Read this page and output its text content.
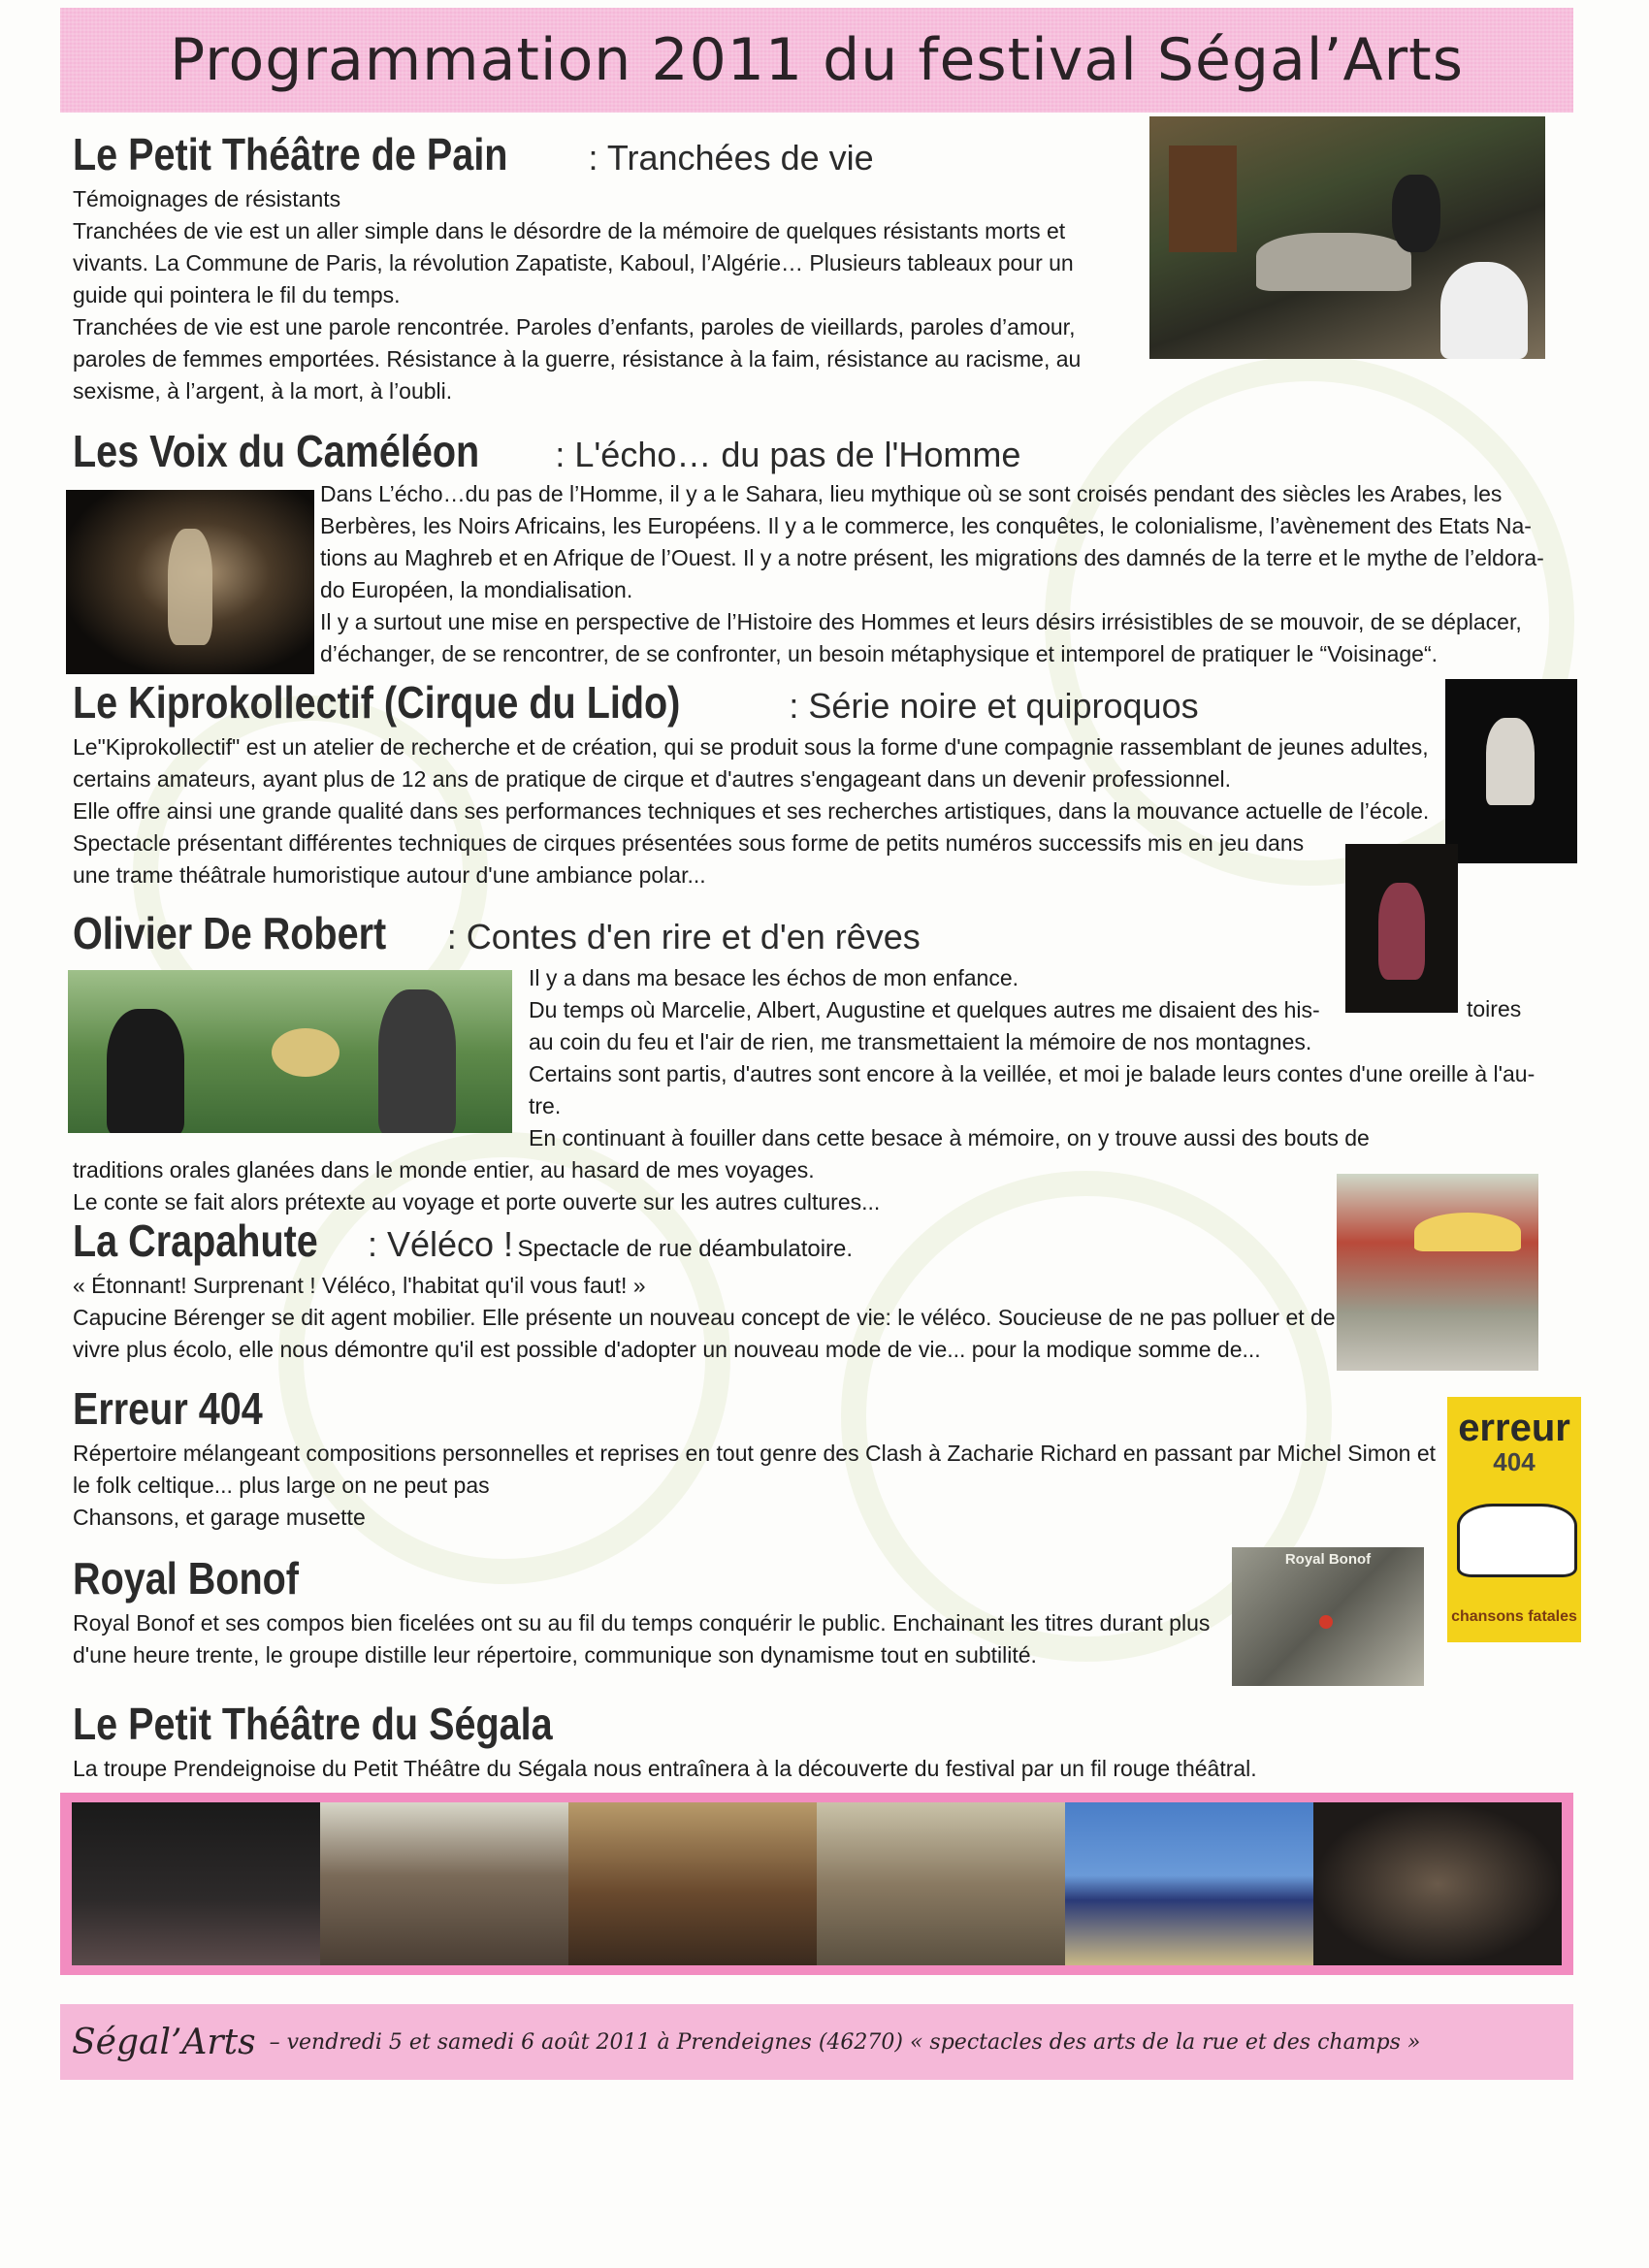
Programmation 2011 du festival Ségal’Arts
Le Petit Théâtre de Pain : Tranchées de vie

Témoignages de résistants

Tranchées de vie est un aller simple dans le désordre de la mémoire de quelques résistants morts et

vivants. La Commune de Paris, la révolution Zapatiste, Kaboul, l’Algérie… Plusieurs tableaux pour un

guide qui pointera le fil du temps.

Tranchées de vie est une parole rencontrée. Paroles d’enfants, paroles de vieillards, paroles d’amour,

paroles de femmes emportées. Résistance à la guerre, résistance à la faim, résistance au racisme, au

sexisme, à l’argent, à la mort, à l’oubli.

Les Voix du Caméléon : L'écho… du pas de l'Homme

Dans L’écho…du pas de l’Homme, il y a le Sahara, lieu mythique où se sont croisés pendant des siècles les Arabes, les

Berbères, les Noirs Africains, les Européens. Il y a le commerce, les conquêtes, le colonialisme, l’avènement des Etats Na-

tions au Maghreb et en Afrique de l’Ouest. Il y a notre présent, les migrations des damnés de la terre et le mythe de l’eldora-

do Européen, la mondialisation.

Il y a surtout une mise en perspective de l’Histoire des Hommes et leurs désirs irrésistibles de se mouvoir, de se déplacer,

d’échanger, de se rencontrer, de se confronter, un besoin métaphysique et intemporel de pratiquer le “Voisinage“.

Le Kiprokollectif (Cirque du Lido)	: Série noire et quiproquos

Le"Kiprokollectif" est un atelier de recherche et de création, qui se produit sous la forme d'une compagnie rassemblant de jeunes adultes,

certains amateurs, ayant plus de 12 ans de pratique de cirque et d'autres s'engageant dans un devenir professionnel.

Elle offre ainsi une grande qualité dans ses performances techniques et ses recherches artistiques, dans la mouvance actuelle de l’école.

Spectacle présentant différentes techniques de cirques présentées sous forme de petits numéros successifs mis en jeu dans

une trame théâtrale humoristique autour d'une ambiance polar...

Olivier De Robert : Contes d'en rire et d'en rêves

Il y a dans ma besace les échos de mon enfance.

Du temps où Marcelie, Albert, Augustine et quelques autres me disaient des his-

au coin du feu et l'air de rien, me transmettaient la mémoire de nos montagnes.

Certains sont partis, d'autres sont encore à la veillée, et moi je balade leurs contes d'une oreille à l'au-

tre.

En continuant à fouiller dans cette besace à mémoire, on y trouve aussi des bouts de

toires

traditions orales glanées dans le monde entier, au hasard de mes voyages.

Le conte se fait alors prétexte au voyage et porte ouverte sur les autres cultures...

La Crapahute : Véléco ! Spectacle de rue déambulatoire.

« Étonnant! Surprenant ! Véléco, l'habitat qu'il vous faut! »

Capucine Bérenger se dit agent mobilier. Elle présente un nouveau concept de vie: le véléco. Soucieuse de ne pas polluer et de

vivre plus écolo, elle nous démontre qu'il est possible d'adopter un nouveau mode de vie... pour la modique somme de...

Erreur 404

Répertoire mélangeant compositions personnelles et reprises en tout genre des Clash à Zacharie Richard en passant par Michel Simon et

le folk celtique... plus large on ne peut pas

Chansons, et garage musette

erreur
404
chansons fatales
Royal Bonof

Royal Bonof et ses compos bien ficelées ont su au fil du temps conquérir le public. Enchainant les titres durant plus

d'une heure trente, le groupe distille leur répertoire, communique son dynamisme tout en subtilité.

Royal Bonof
Le Petit Théâtre du Ségala

La troupe Prendeignoise du Petit Théâtre du Ségala nous entraînera à la découverte du festival par un fil rouge théâtral.

Ségal’Arts – vendredi 5 et samedi 6 août 2011 à Prendeignes (46270) « spectacles des arts de la rue et des champs »
